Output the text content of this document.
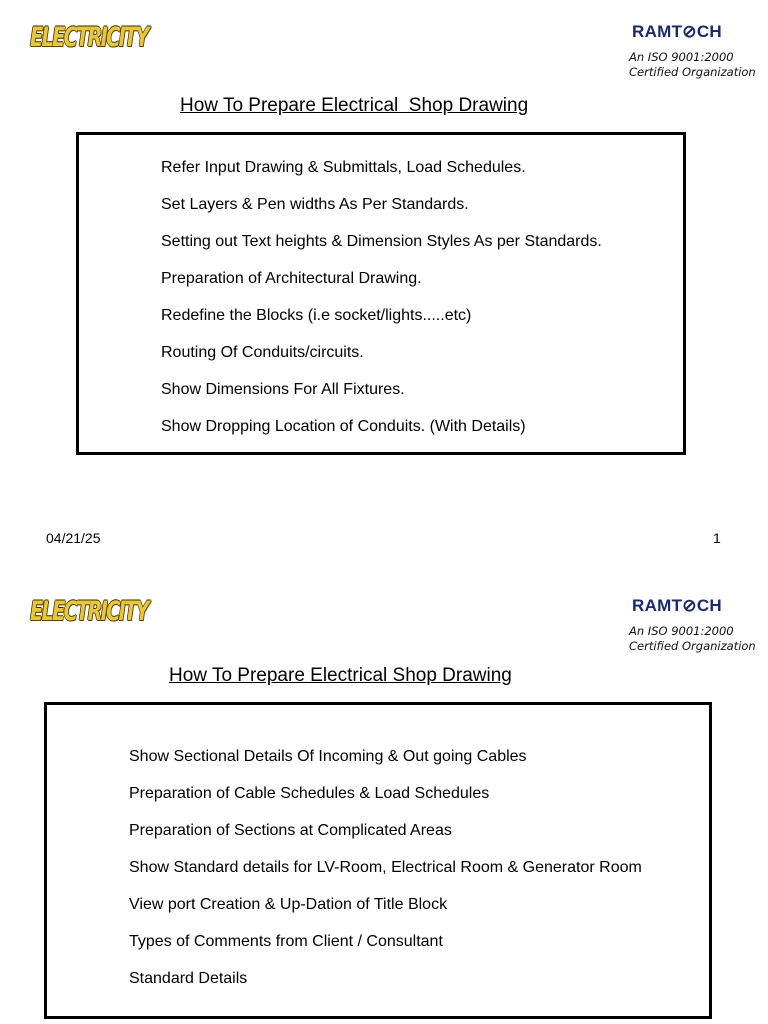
ELECTRICITY	RAMT⊘CH
An ISO 9001:2000
Certified Organization
How To Prepare Electrical  Shop Drawing
Refer Input Drawing & Submittals, Load Schedules.
Set Layers & Pen widths As Per Standards.
Setting out Text heights & Dimension Styles As per Standards.
Preparation of Architectural Drawing.
Redefine the Blocks (i.e socket/lights.....etc)
Routing Of Conduits/circuits.
Show Dimensions For All Fixtures.
Show Dropping Location of Conduits. (With Details)
04/21/25	1
ELECTRICITY	RAMT⊘CH
An ISO 9001:2000
Certified Organization
How To Prepare Electrical Shop Drawing
Show Sectional Details Of Incoming & Out going Cables
Preparation of Cable Schedules & Load Schedules
Preparation of Sections at Complicated Areas
Show Standard details for LV-Room, Electrical Room & Generator Room
View port Creation & Up-Dation of Title Block
Types of Comments from Client / Consultant
Standard Details
